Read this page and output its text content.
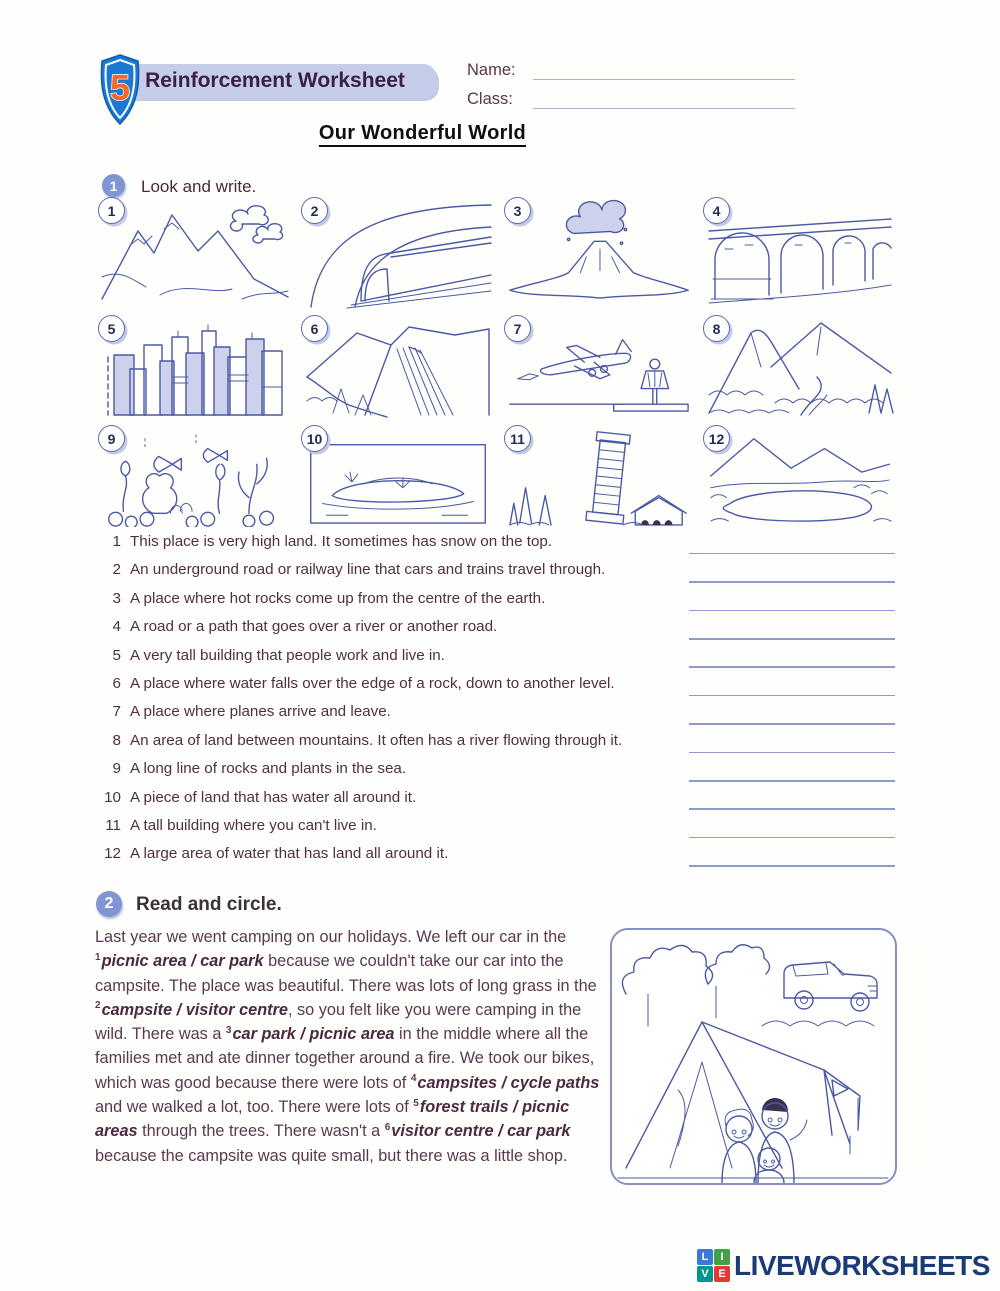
5 Reinforcement Worksheet	Name:
Class:
Our Wonderful World
1	Look and write.
1	2	3	4
5	6	7	8
9	10	11	12
1 This place is very high land. It sometimes has snow on the top.
2 An underground road or railway line that cars and trains travel through.
3 A place where hot rocks come up from the centre of the earth.
4 A road or a path that goes over a river or another road.
5 A very tall building that people work and live in.
6 A place where water falls over the edge of a rock, down to another level.
7 A place where planes arrive and leave.
8 An area of land between mountains. It often has a river flowing through it.
9 A long line of rocks and plants in the sea.
10 A piece of land that has water all around it.
11 A tall building where you can't live in.
12 A large area of water that has land all around it.
2	Read and circle.
Last year we went camping on our holidays. We left our car in the $^1$picnic area / car park because we couldn't take our car into the campsite. The place was beautiful. There was lots of long grass in the $^2$campsite / visitor centre, so you felt like you were camping in the wild. There was a $^3$car park / picnic area in the middle where all the families met and ate dinner together around a fire. We took our bikes, which was good because there were lots of $^4$campsites / cycle paths and we walked a lot, too. There were lots of $^5$forest trails / picnic areas through the trees. There wasn't a $^6$visitor centre / car park because the campsite was quite small, but there was a little shop.
L	I
V E LIVEWORKSHEETS
